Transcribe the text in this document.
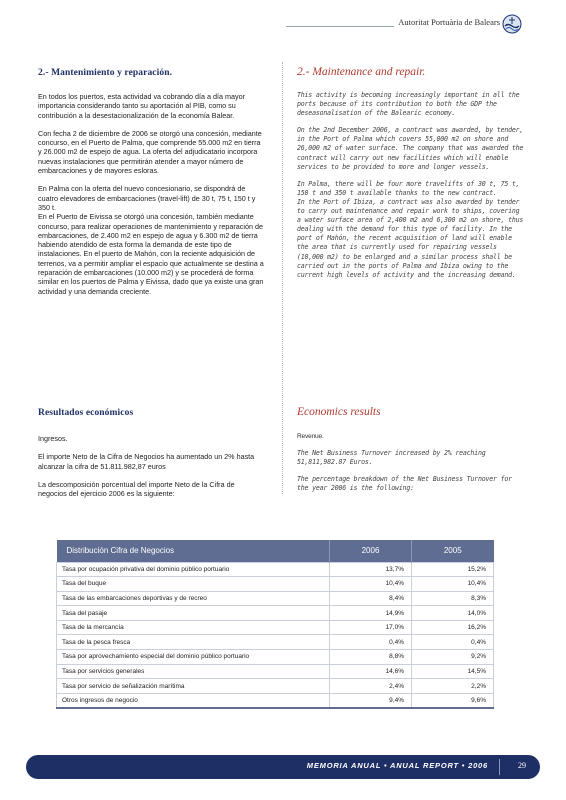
Autoritat Portuària de Balears
2.- Mantenimiento y reparación.

En todos los puertos, esta actividad va cobrando día a día mayor importancia considerando tanto su aportación al PIB, como su contribución a la desestacionalización de la economía Balear.

Con fecha 2 de diciembre de 2006 se otorgó una concesión, mediante concurso, en el Puerto de Palma, que comprende 55.000 m2 en tierra y 26.000 m2 de espejo de agua. La oferta del adjudicatario incorpora nuevas instalaciones que permitirán atender a mayor número de embarcaciones y de mayores esloras.

En Palma con la oferta del nuevo concesionario, se dispondrá de cuatro elevadores de embarcaciones (travel-lift) de 30 t, 75 t, 150 t y 350 t.

En el Puerto de Eivissa se otorgó una concesión, también mediante concurso, para realizar operaciones de mantenimiento y reparación de embarcaciones, de 2.400 m2 en espejo de agua y 6.300 m2 de tierra habiendo atendido de esta forma la demanda de este tipo de instalaciones. En el puerto de Mahón, con la reciente adquisición de terrenos, va a permitir ampliar el espacio que actualmente se destina a reparación de embarcaciones (10.000 m2) y se procederá de forma similar en los puertos de Palma y Eivissa, dado que ya existe una gran actividad y una demanda creciente.

2.- Maintenance and repair.

This activity is becoming increasingly important in all the ports because of its contribution to both the GDP the deseasonalisation of the Balearic economy.

On the 2nd December 2006, a contract was awarded, by tender, in the Port of Palma which covers 55,000 m2 on shore and 26,000 m2 of water surface. The company that was awarded the contract will carry out new facilities which will enable services to be provided to more and longer vessels.

In Palma, there will be four more travelifts of 30 t, 75 t, 150 t and 350 t available thanks to the new contract.

In the Port of Ibiza, a contract was also awarded by tender to carry out maintenance and repair work to ships, covering a water surface area of 2,400 m2 and 6,300 m2 on shore, thus dealing with the demand for this type of facility. In the port of Mahón, the recent acquisition of land will enable the area that is currently used for repairing vessels (10,000 m2) to be enlarged and a similar process shall be carried out in the ports of Palma and Ibiza owing to the current high levels of activity and the increasing demand.

Resultados económicos

Ingresos.

El importe Neto de la Cifra de Negocios ha aumentado un 2% hasta alcanzar la cifra de 51.811.982,87 euros

La descomposición porcentual del importe Neto de la Cifra de negocios del ejercicio 2006 es la siguiente:

Economics results

Revenue.

The Net Business Turnover increased by 2% reaching 51,811,982.87 Euros.

The percentage breakdown of the Net Business Turnover for the year 2006 is the following:

Distribución Cifra de Negocios	2006	2005
Tasa por ocupación privativa del dominio público portuario	13,7%	15,2%
Tasa del buque	10,4%	10,4%
Tasa de las embarcaciones deportivas y de recreo	8,4%	8,3%
Tasa del pasaje	14,9%	14,0%
Tasa de la mercancía	17,0%	16,2%
Tasa de la pesca fresca	0,4%	0,4%
Tasa por aprovechamiento especial del dominio público portuario	8,8%	9,2%
Tasa por servicios generales	14,6%	14,5%
Tasa por servicio de señalización marítima	2,4%	2,2%
Otros ingresos de negocio	9,4%	9,6%
MEMORIA ANUAL • ANUAL REPORT • 2006	29
